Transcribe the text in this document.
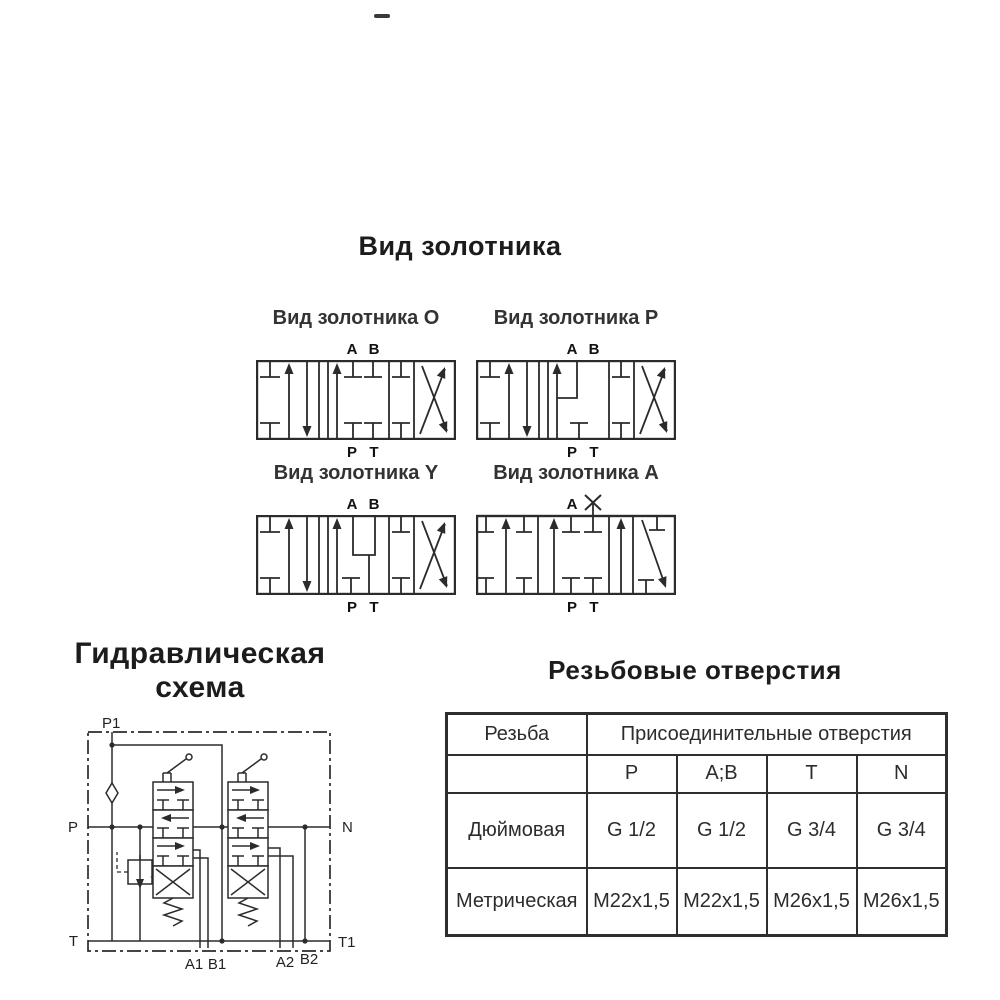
Вид золотника
Вид золотника O
A B
P T
Вид золотника P
A B
P T
Вид золотника Y
A B
P T
Вид золотника A
A
P T
Гидравлическая
схема
P1
P
T
N
T1
A1 B1	A2 B2
Резьбовые отверстия
Резьба	Присоединительные отверстия			
	P	A;B	T	N
Дюймовая	G 1/2	G 1/2	G 3/4	G 3/4
Метрическая	M22x1,5	M22x1,5	M26x1,5	M26x1,5
